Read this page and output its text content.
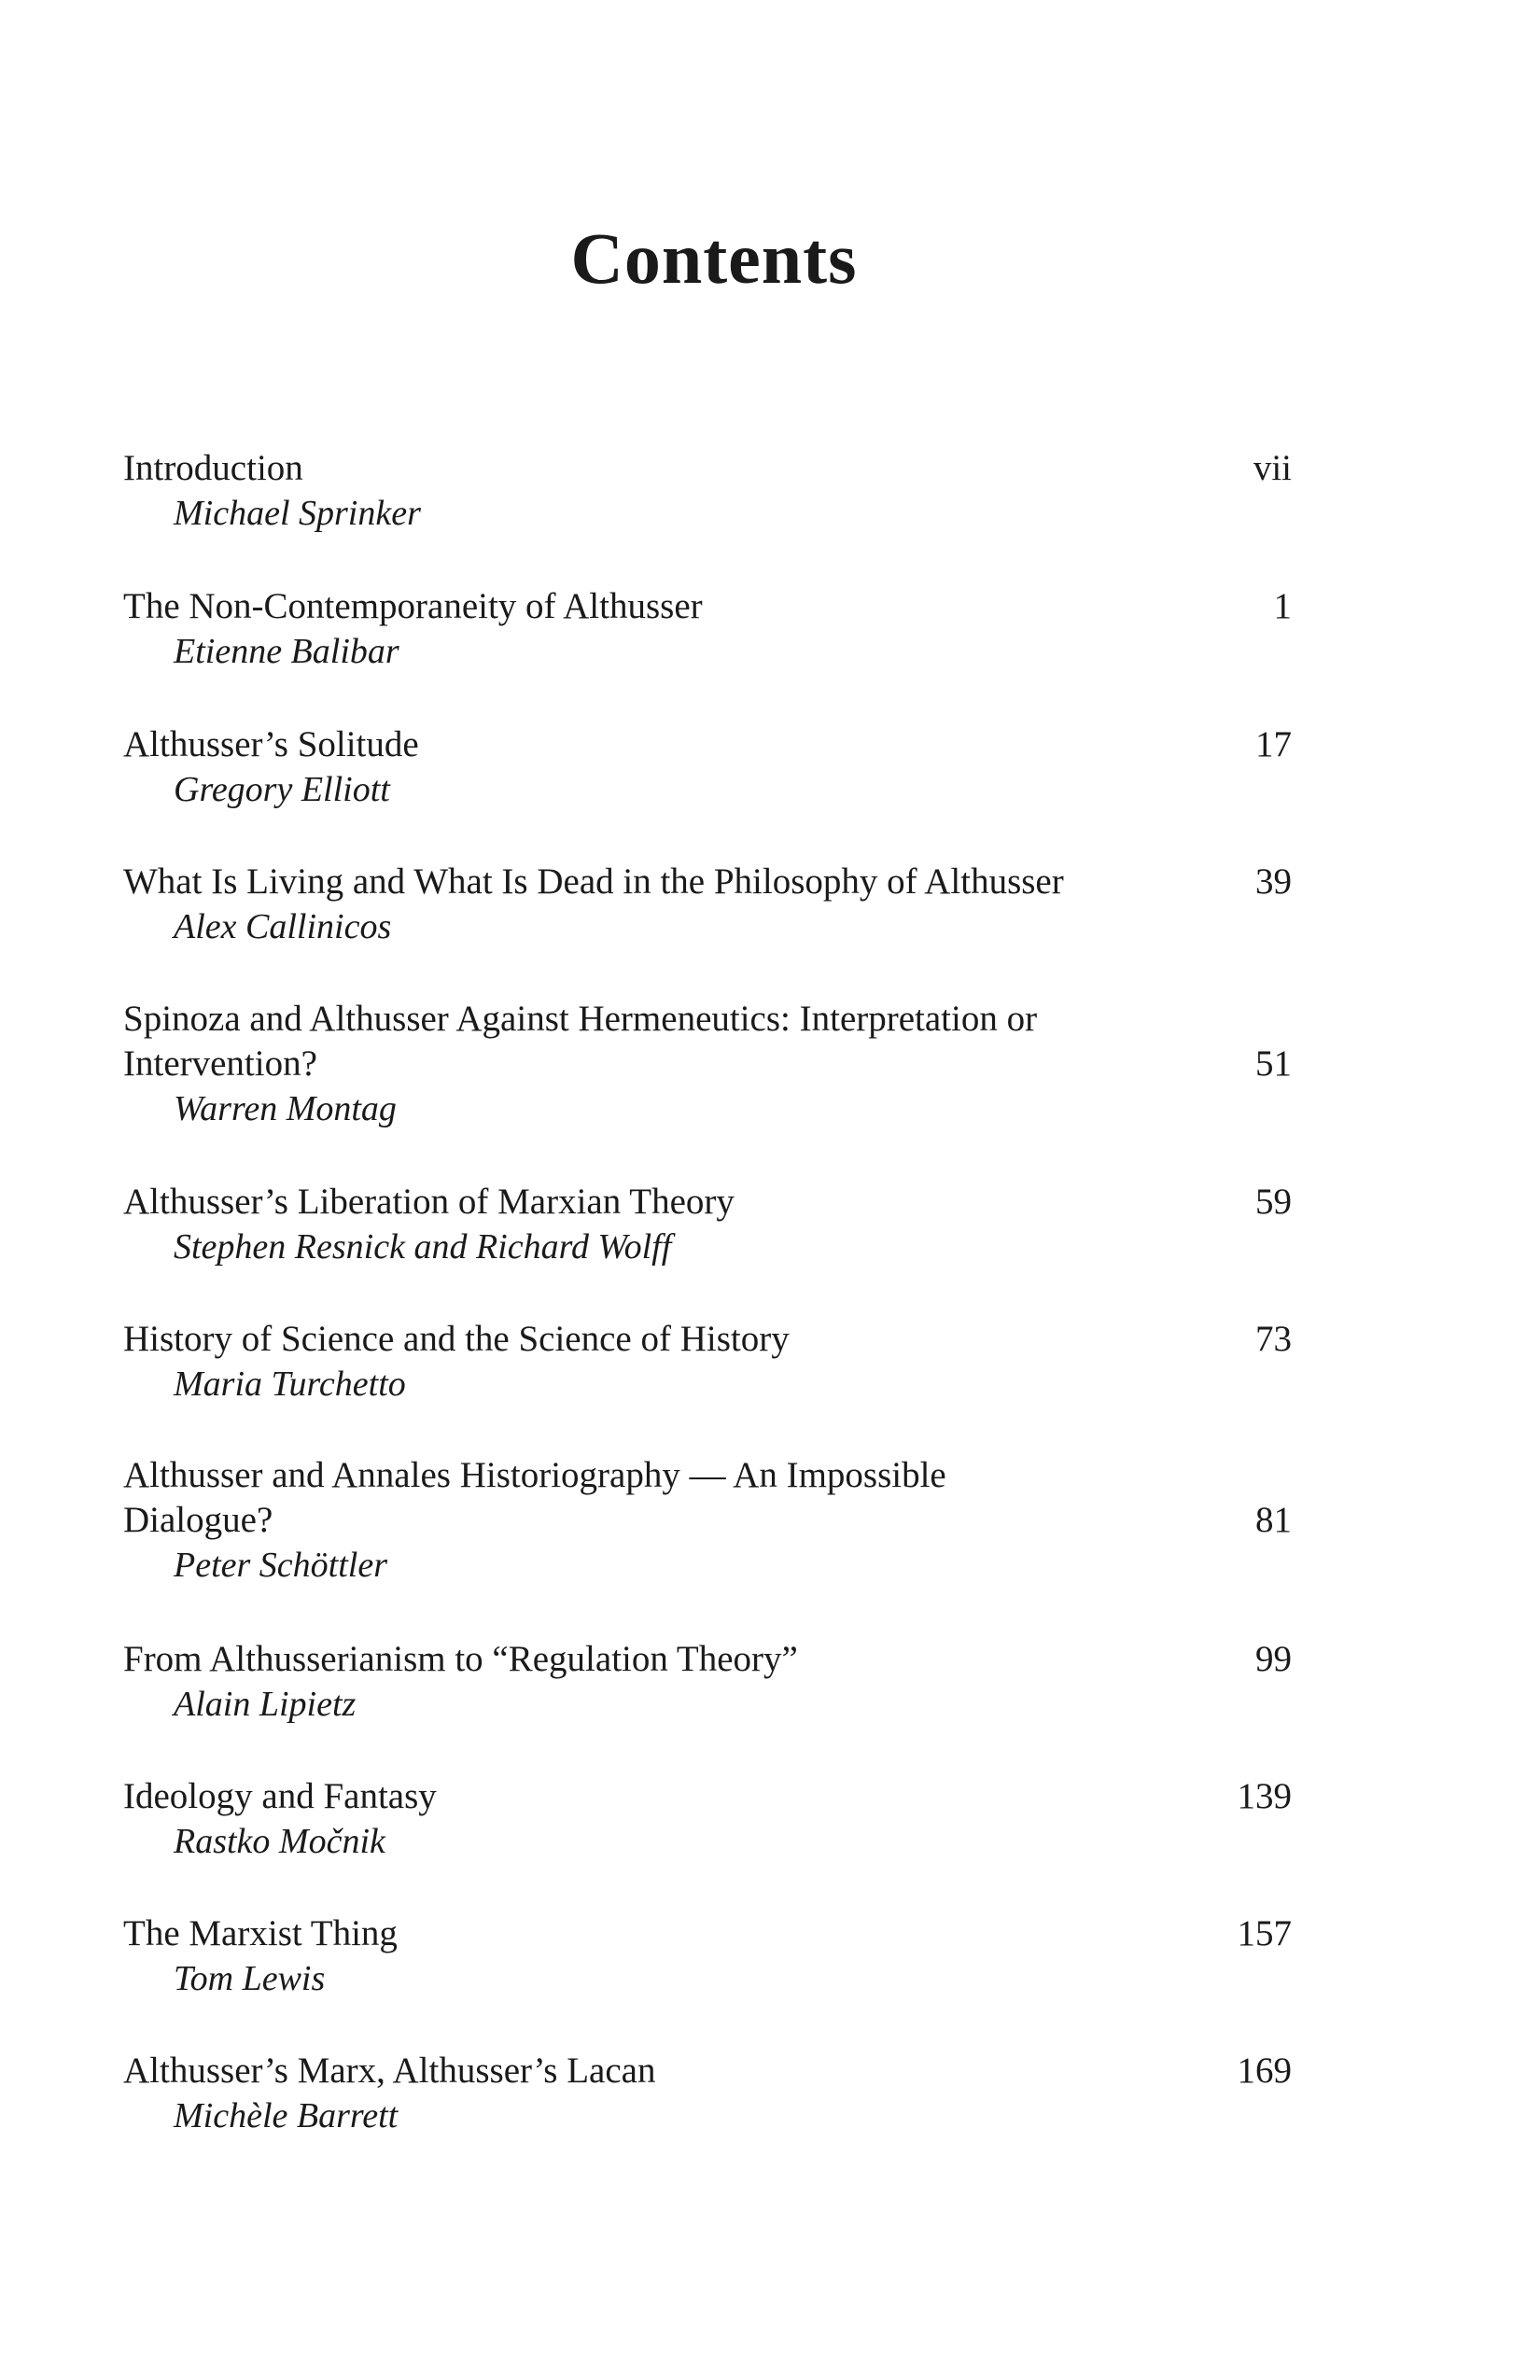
Contents
Introduction	vii
Michael Sprinker
The Non-Contemporaneity of Althusser	1
Etienne Balibar
Althusser’s Solitude	17
Gregory Elliott
What Is Living and What Is Dead in the Philosophy of Althusser	39
Alex Callinicos
Spinoza and Althusser Against Hermeneutics: Interpretation or Intervention?	51
Warren Montag
Althusser’s Liberation of Marxian Theory	59
Stephen Resnick and Richard Wolff
History of Science and the Science of History	73
Maria Turchetto
Althusser and Annales Historiography — An Impossible Dialogue?	81
Peter Schöttler
From Althusserianism to “Regulation Theory”	99
Alain Lipietz
Ideology and Fantasy	139
Rastko Močnik
The Marxist Thing	157
Tom Lewis
Althusser’s Marx, Althusser’s Lacan	169
Michèle Barrett
